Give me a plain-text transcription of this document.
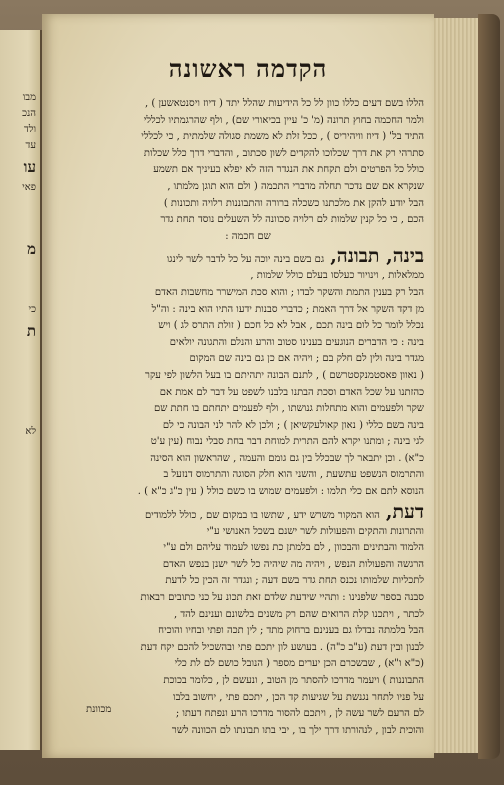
מבו
הנכ
ולד
עד
עו
פאי
מ
כי
ת
לא
הקדמה ראשונה
הללו בשם דעים כללו כוון לל כל הידיעות שהלל יתד ( דיוז ויסנטאשען ) ,
ולמר החכמה בחוץ תרונה (מ' כ' עיין בכיאורי שם) , ולף שהרגמתיו לכללי
התיד בל' ( דיוז וויהיריס ) , ככל זלת לא משמת סגולה שלמתית , כי לכללי
סתרהי רק את דרך שכלוכו להקדים לשון סכתוב , והדברי דרך כלל שכלות
כולל כל הפרטים ולם תקחת את הנגדר הזה לא יפלא בעיניך אם תשמע
שנקרא אם שם נדכר תחלה מדברי התכמה ( ולם הוא תוגן מלמתו ,
הבל יודע להקן את מלכתנו כשכלה ברורה והתבוננות רלויה ותכונות )
הכם , כי כל קנין שלמות לם רלויה סכוונה לל השעלים נוסד תחת גדר
שם חכמה :
בינה, תבונה,
גם בשם בינה יוכה על כל לדבר לשר לינגו
ממלאלות , וינויור כעלסו בעלם כולל שלמות ,
הבל רק בענין התמת והשקר לבדו ; והוא סכת המישרר מחשבות האדם
מן דקד השקר אל דרך האמת ; כדברי סבנות ידעו התיו הוא בינה : וה"ל
נכלל לומר כל לום בינה תכם , אבל לא כל חכם ( זולת התרס לג ) ויש
בינה : כי הדברים הנוגעים בענינו סטוב והרע והנלם והתגונה יולאים
מגדר בינה ולין לם חלק בם ; ויהיה אם כן גם בינה שם המקום
( נאוון פאסטמנקסטרשם ) , לתנם הבונה יתהיתם בו בעל הלשון לפי עקר
כהזתנו על שכל האדם וסכת הבתנו בלבנו לשפט על דבר לם אמת אם
שקר ולפעמים והוא מתחלות גנושתו , ולף לפעמים יתחתם בו חתת שם
בינה בשם כללי ( נאון קאולעקשיאן ) ; ולכן לא להר לני הבונה כי לם
לגי בינה ; ומתנו יקרא להם התרית למוחת דבר בחת סבלי נבוח (עין ע'ט
כ"א) . וכן יתבאר לך שבכלל בין גם גומם והעמה , שהראשון הוא הסינה
והתרמוס הנשפט עתשעת , והשני הוא חלק הסוגה והתרמוס דנזעל ב
הנוסא לתם אם כלי תלמו : ולפעמים שמוש בו כשם כולל ( עין כ"ג כ"א ) .
דעת,
הוא המקור משרש ידע , שתשו בו במקום שם , כולל ללמודים
והתרונות והתקים והפעולות לשר ישנם בשכל האנושי ע"י
הלמוד והבתינים והבכוון , לם בלמתן כת נפשו לעמוד עליהם ולם ע"י
הרגשה והפעולות הנפש , ויהיה מה שיהיה כל לשר ישנן בנפש האדם
לתכליות שלמותו נכנס תחת גדר בשם דעה ; ונגדר זה הכין כל לדעת
סבנה בספר שלפנינו : ותהיי שידעת שלדם זאת תכונ על כני כתובים רבאות
לכתר , ויתכנו קלת הרואים שהם רק משנים בלשונם וענינם להד ,
הבל בלמתה נבדלו גם בענינם ברחוק מתד ; לין תכה ופתי ובחיו והוכיח
לבנון ובין דעת (ע"ב כ"ה) . בעושע לון יתכם פתי ובהשכיל להכם יקח דעת
(כ"א ו"א) , שבשכרם הכן יערים מספר ( הנובל כושם לם לת כלי
התבוננות ) ויעמר מדרכו להסתר מן הטוב , ונעשם לן , כלומר בכוכת
על פניו לתחר נגנשת על שגיעות קד הכן , יתכם פתי , יחשוב בלבו
לם הרעם לשר עשה לן , ויתכם להסור מדרכו הרע ונפתח דעתו ;
והוכית לבון , לנהורתו דרך ילך בו , יבי בתו תבונתו לם הכוונה לשר
מכוונת
